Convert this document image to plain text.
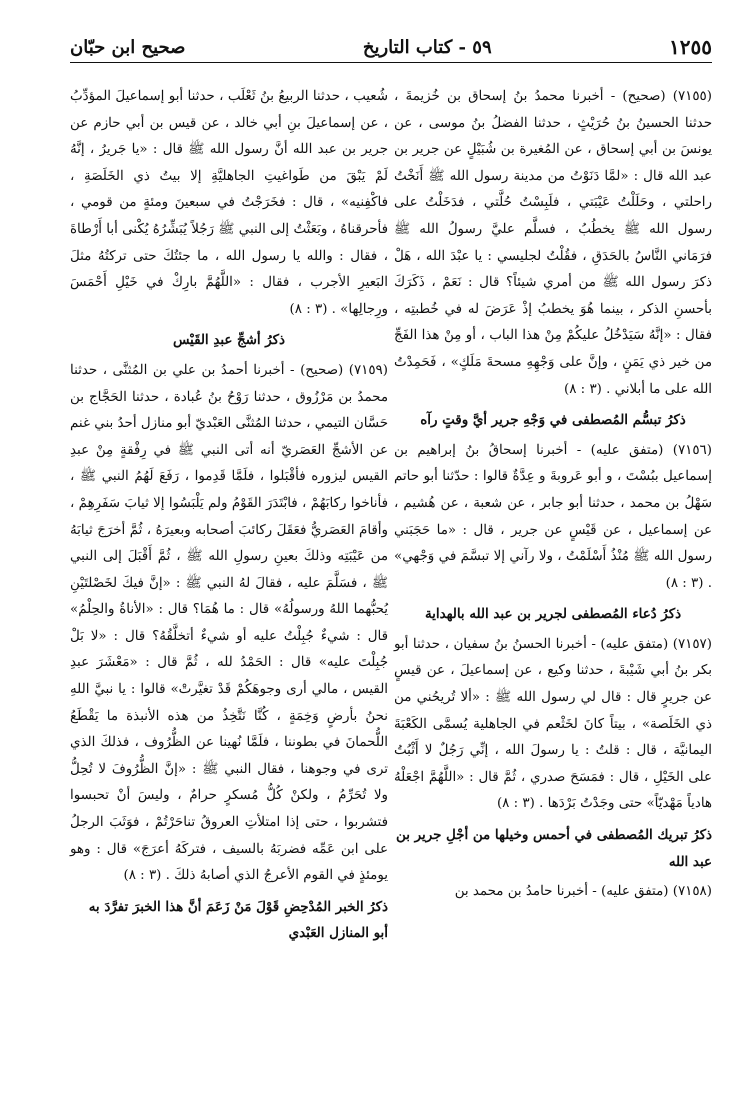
١٢٥٥
٥٩ - كتاب التاريخ
صحيح ابن حبّان

(٧١٥٥) (صحيح) - أخبرنا محمدُ بنُ إسحاق بن خُزيمةَ ، حدثنا الحسينُ بنُ حُرَيْثٍ ، حدثنا الفضلُ بنُ موسى ، عن يونسَ بن أبي إسحاق ، عن المُغيرة بن شُبَيْلٍ عن جرير بن عبد الله قال : «لمَّا دَنَوْتُ من مدينة رسول الله ﷺ أَنَخْتُ راحلتي ، وحَلَلْتُ عَيْبَتي ، فلَبِسْتُ حُلَّتي ، فدَخَلْتُ على رسول الله ﷺ يخطُبُ ، فسلَّم عليَّ رسولُ الله ﷺ فرَمَاني النَّاسُ بالحَدَقِ ، فقُلْتُ لجليسي : يا عبْدَ الله ، هَلْ ذكرَ رسول الله ﷺ من أمري شيئاً؟ قال : نَعَمْ ، ذَكَرَكَ بأحسنِ الذكر ، بينما هُوَ يخطبُ إذْ عَرَضَ له في خُطبتِه ، فقال : «إنَّهُ سَيَدْخُلُ عليكُمْ مِنْ هذا الباب ، أو مِنْ هذا الفَجِّ من خير ذي يَمَنٍ ، وإنَّ على وَجْهِهِ مسحةَ مَلَكٍ» ، فَحَمِدْتُ الله على ما أبلاني . (٣ : ٨)

ذكرُ تبسُّم المُصطفى في وَجْهِ جرير أيَّ وقتٍ رآه

(٧١٥٦) (متفق عليه) - أخبرنا إسحاقُ بنُ إبراهيم بن إسماعيل ببُسْتَ ، و أبو عَروبةَ و عِدَّةٌ قالوا : حدّثنا أبو حاتم سَهْلُ بن محمد ، حدثنا أبو جابر ، عن شعبة ، عن هُشيم ، عن إسماعيل ، عن قَيْسٍ عن جرير ، قال : «ما حَجَبَني رسول الله ﷺ مُنْذُ أَسْلَمْتُ ، ولا رآني إلا تبسَّمَ في وَجْهي» . (٣ : ٨)

ذكرُ دُعاء المُصطفى لجرير بن عبد الله بالهداية

(٧١٥٧) (متفق عليه) - أخبرنا الحسنُ بنُ سفيان ، حدثنا أبو بكر بنُ أبي شَيْبةَ ، حدثنا وكيع ، عن إسماعيلَ ، عن قيسٍ عن جريرٍ قال : قال لي رسول الله ﷺ : «ألا تُريحُني من ذي الخَلَصة» ، بيتاً كانَ لخَثْعم في الجاهلية يُسمَّى الكَعْبَةَ اليمانيَّة ، قال : قلتُ : يا رسولَ الله ، إنِّي رَجُلٌ لا أَثْبُتُ على الخَيْلِ ، قال : فمَسَحَ صدري ، ثُمَّ قال : «اللَّهُمَّ اجْعَلْهُ هادياً مَهْديّاً» حتى وجَدْتُ بَرْدَها . (٣ : ٨)

ذكرُ تبريك المُصطفى في أحمس وخيلها من أجْلِ جرير بن عبد الله

(٧١٥٨) (متفق عليه) - أخبرنا حامدُ بن محمد بن

شُعيب ، حدثنا الربيعُ بنُ ثَعْلَب ، حدثنا أبو إسماعيلَ المؤدِّبُ ، عن إسماعيلَ بنِ أبي خالد ، عن قيس بن أبي حازم عن جرير بن عبد الله أنَّ رسول الله ﷺ قال : «يا جَريرُ ، إنَّهُ لَمْ يَبْقَ من طَواغيتِ الجاهليَّةِ إلا بيتُ ذي الخَلَصَةِ ، فاكْفِنيه» ، قال : فخَرَجْتُ في سبعينَ ومئةٍ من قومي ، فأحرقناهُ ، وبَعَثْتُ إلى النبي ﷺ رَجُلاً يُبَشِّرُهُ يُكْنى أبا أَرْطاةَ ، فقال : والله يا رسول الله ، ما جئتُكَ حتى تركتُهُ مثلَ البَعيرِ الأجرب ، فقال : «اللَّهُمَّ بارِكْ في خَيْلِ أَحْمَسَ ورِجالِها» . (٣ : ٨)

ذكرُ أشجِّ عبدِ القَيْس

(٧١٥٩) (صحيح) - أخبرنا أحمدُ بن علي بن المُثنَّى ، حدثنا محمدُ بن مَرْزُوق ، حدثنا رَوْحُ بنُ عُبادة ، حدثنا الحَجَّاج بن حَسَّان التيمي ، حدثنا المُثنَّى العَبْديّ أبو منازل أحدُ بني غنم عن الأشجِّ العَصَريّ أنه أتى النبي ﷺ في رِفْقةٍ مِنْ عبدِ القيس ليزوره فأقْبَلوا ، فلَمَّا قَدِموا ، رَفَعَ لَهُمُ النبي ﷺ ، فأناخوا ركابَهُمْ ، فابْتَدَرَ القَوْمُ ولم يَلْبَسُوا إلا ثيابَ سَفَرِهِمْ ، وأقامَ العَصَريُّ فعَقَلَ ركائبَ أصحابه وبعيرَهُ ، ثُمَّ أخرَجَ ثيابَهُ من عَيْبَتِه وذلكَ بعينِ رسولِ الله ﷺ ، ثُمَّ أَقْبَلَ إلى النبي ﷺ ، فسَلَّمَ عليه ، فقالَ لهُ النبي ﷺ : «إنَّ فيكَ لخَصْلتَيْنِ يُحبُّهما اللهُ ورسولُهُ» قال : ما هُمَا؟ قال : «الأناةُ والحِلْمُ» قال : شيءٌ جُبِلْتُ عليه أو شيءٌ أتخلَّقُهُ؟ قال : «لا بَلْ جُبِلْتَ عليه» قال : الحَمْدُ لله ، ثُمَّ قال : «مَعْشَرَ عبدِ القيس ، مالي أرى وجوهَكُمْ قَدْ تغيَّرتْ» قالوا : يا نبيَّ اللهِ نحنُ بأرضٍ وَخِمَةٍ ، كُنَّا نَتَّخِذُ من هذه الأنبذة ما يَقْطَعُ اللُّحمانَ في بطوننا ، فلَمَّا نُهينا عن الظُّرُوف ، فذلكَ الذي ترى في وجوهنا ، فقال النبي ﷺ : «إنَّ الظُّرُوفَ لا تُحِلُّ ولا تُحَرِّمُ ، ولكنْ كُلُّ مُسكرٍ حرامٌ ، وليسَ أنْ تحبسوا فتشربوا ، حتى إذا امتلأتِ العروقُ تناحَرْتُمْ ، فوَثَبَ الرجلُ على ابن عَمِّه فضربَهُ بالسيف ، فتركَهُ أعرَجَ» قال : وهو يومئذٍ في القوم الأعرجُ الذي أصابهُ ذلكَ . (٣ : ٨)

ذكرُ الخبر المُدْحِضِ قَوْلَ مَنْ زَعَمَ أنَّ هذا الخبرَ تفرَّدَ به أبو المنازل العَبْدي
